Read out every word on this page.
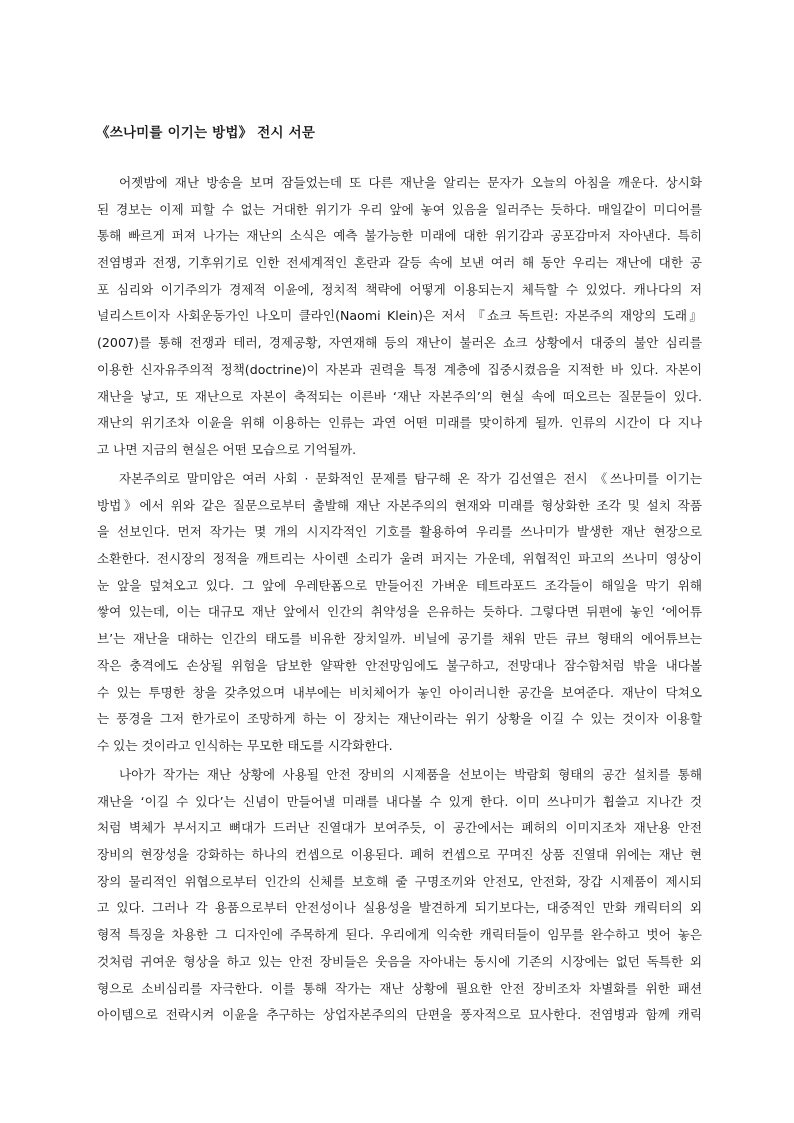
《쓰나미를 이기는 방법》 전시 서문
어젯밤에 재난 방송을 보며 잠들었는데 또 다른 재난을 알리는 문자가 오늘의 아침을 깨운다. 상시화
된 경보는 이제 피할 수 없는 거대한 위기가 우리 앞에 놓여 있음을 일러주는 듯하다. 매일같이 미디어를
통해 빠르게 퍼져 나가는 재난의 소식은 예측 불가능한 미래에 대한 위기감과 공포감마저 자아낸다. 특히
전염병과 전쟁, 기후위기로 인한 전세계적인 혼란과 갈등 속에 보낸 여러 해 동안 우리는 재난에 대한 공
포 심리와 이기주의가 경제적 이윤에, 정치적 책략에 어떻게 이용되는지 체득할 수 있었다. 캐나다의 저
널리스트이자 사회운동가인 나오미 클라인(Naomi Klein)은 저서 『쇼크 독트린: 자본주의 재앙의 도래』
(2007)를 통해 전쟁과 테러, 경제공황, 자연재해 등의 재난이 불러온 쇼크 상황에서 대중의 불안 심리를
이용한 신자유주의적 정책(doctrine)이 자본과 권력을 특정 계층에 집중시켰음을 지적한 바 있다. 자본이
재난을 낳고, 또 재난으로 자본이 축적되는 이른바 ‘재난 자본주의’의 현실 속에 떠오르는 질문들이 있다.
재난의 위기조차 이윤을 위해 이용하는 인류는 과연 어떤 미래를 맞이하게 될까. 인류의 시간이 다 지나
고 나면 지금의 현실은 어떤 모습으로 기억될까.
자본주의로 말미암은 여러 사회 · 문화적인 문제를 탐구해 온 작가 김선열은 전시 《쓰나미를 이기는
방법》에서 위와 같은 질문으로부터 출발해 재난 자본주의의 현재와 미래를 형상화한 조각 및 설치 작품
을 선보인다. 먼저 작가는 몇 개의 시지각적인 기호를 활용하여 우리를 쓰나미가 발생한 재난 현장으로
소환한다. 전시장의 정적을 깨트리는 사이렌 소리가 울려 퍼지는 가운데, 위협적인 파고의 쓰나미 영상이
눈 앞을 덮쳐오고 있다. 그 앞에 우레탄폼으로 만들어진 가벼운 테트라포드 조각들이 해일을 막기 위해
쌓여 있는데, 이는 대규모 재난 앞에서 인간의 취약성을 은유하는 듯하다. 그렇다면 뒤편에 놓인 ‘에어튜
브’는 재난을 대하는 인간의 태도를 비유한 장치일까. 비닐에 공기를 채워 만든 큐브 형태의 에어튜브는
작은 충격에도 손상될 위험을 담보한 얄팍한 안전망임에도 불구하고, 전망대나 잠수함처럼 밖을 내다볼
수 있는 투명한 창을 갖추었으며 내부에는 비치체어가 놓인 아이러니한 공간을 보여준다. 재난이 닥쳐오
는 풍경을 그저 한가로이 조망하게 하는 이 장치는 재난이라는 위기 상황을 이길 수 있는 것이자 이용할
수 있는 것이라고 인식하는 무모한 태도를 시각화한다.
나아가 작가는 재난 상황에 사용될 안전 장비의 시제품을 선보이는 박람회 형태의 공간 설치를 통해
재난을 ‘이길 수 있다’는 신념이 만들어낼 미래를 내다볼 수 있게 한다. 이미 쓰나미가 휩쓸고 지나간 것
처럼 벽체가 부서지고 뼈대가 드러난 진열대가 보여주듯, 이 공간에서는 폐허의 이미지조차 재난용 안전
장비의 현장성을 강화하는 하나의 컨셉으로 이용된다. 폐허 컨셉으로 꾸며진 상품 진열대 위에는 재난 현
장의 물리적인 위협으로부터 인간의 신체를 보호해 줄 구명조끼와 안전모, 안전화, 장갑 시제품이 제시되
고 있다. 그러나 각 용품으로부터 안전성이나 실용성을 발견하게 되기보다는, 대중적인 만화 캐릭터의 외
형적 특징을 차용한 그 디자인에 주목하게 된다. 우리에게 익숙한 캐릭터들이 임무를 완수하고 벗어 놓은
것처럼 귀여운 형상을 하고 있는 안전 장비들은 웃음을 자아내는 동시에 기존의 시장에는 없던 독특한 외
형으로 소비심리를 자극한다. 이를 통해 작가는 재난 상황에 필요한 안전 장비조차 차별화를 위한 패션
아이템으로 전락시켜 이윤을 추구하는 상업자본주의의 단편을 풍자적으로 묘사한다. 전염병과 함께 캐릭
